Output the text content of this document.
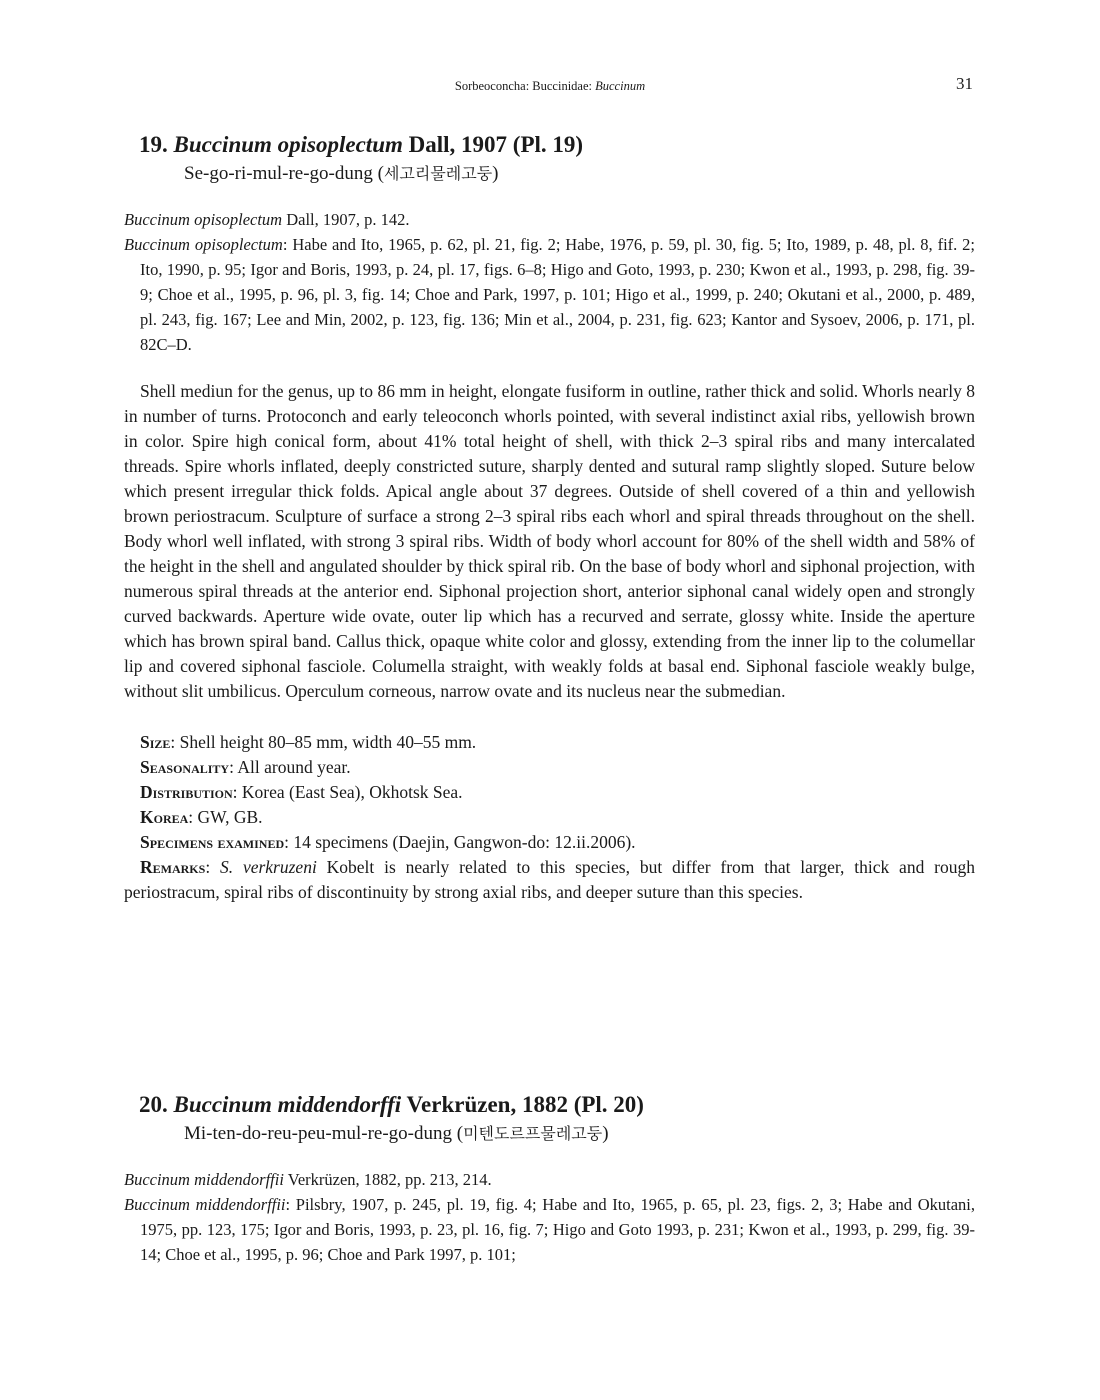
Sorbeoconcha: Buccinidae: Buccinum	31
19. Buccinum opisoplectum Dall, 1907 (Pl. 19)
Se-go-ri-mul-re-go-dung (세고리물레고둥)
Buccinum opisoplectum Dall, 1907, p. 142.
Buccinum opisoplectum: Habe and Ito, 1965, p. 62, pl. 21, fig. 2; Habe, 1976, p. 59, pl. 30, fig. 5; Ito, 1989, p. 48, pl. 8, fif. 2; Ito, 1990, p. 95; Igor and Boris, 1993, p. 24, pl. 17, figs. 6–8; Higo and Goto, 1993, p. 230; Kwon et al., 1993, p. 298, fig. 39-9; Choe et al., 1995, p. 96, pl. 3, fig. 14; Choe and Park, 1997, p. 101; Higo et al., 1999, p. 240; Okutani et al., 2000, p. 489, pl. 243, fig. 167; Lee and Min, 2002, p. 123, fig. 136; Min et al., 2004, p. 231, fig. 623; Kantor and Sysoev, 2006, p. 171, pl. 82C–D.

Shell mediun for the genus, up to 86 mm in height, elongate fusiform in outline, rather thick and solid. Whorls nearly 8 in number of turns. Protoconch and early teleoconch whorls pointed, with several indistinct axial ribs, yellowish brown in color. Spire high conical form, about 41% total height of shell, with thick 2–3 spiral ribs and many intercalated threads. Spire whorls inflated, deeply constricted suture, sharply dented and sutural ramp slightly sloped. Suture below which present irregular thick folds. Apical angle about 37 degrees. Outside of shell covered of a thin and yellowish brown periostracum. Sculpture of surface a strong 2–3 spiral ribs each whorl and spiral threads throughout on the shell. Body whorl well inflated, with strong 3 spiral ribs. Width of body whorl account for 80% of the shell width and 58% of the height in the shell and angulated shoulder by thick spiral rib. On the base of body whorl and siphonal projection, with numerous spiral threads at the anterior end. Siphonal projection short, anterior siphonal canal widely open and strongly curved backwards. Aperture wide ovate, outer lip which has a recurved and serrate, glossy white. Inside the aperture which has brown spiral band. Callus thick, opaque white color and glossy, extending from the inner lip to the columellar lip and covered siphonal fasciole. Columella straight, with weakly folds at basal end. Siphonal fasciole weakly bulge, without slit umbilicus. Operculum corneous, narrow ovate and its nucleus near the submedian.

Size: Shell height 80–85 mm, width 40–55 mm.
Seasonality: All around year.
Distribution: Korea (East Sea), Okhotsk Sea.
Korea: GW, GB.
Specimens examined: 14 specimens (Daejin, Gangwon-do: 12.ii.2006).
Remarks: S. verkruzeni Kobelt is nearly related to this species, but differ from that larger, thick and rough periostracum, spiral ribs of discontinuity by strong axial ribs, and deeper suture than this species.
20. Buccinum middendorffi Verkrüzen, 1882 (Pl. 20)
Mi-ten-do-reu-peu-mul-re-go-dung (미텐도르프물레고둥)
Buccinum middendorffii Verkrüzen, 1882, pp. 213, 214.
Buccinum middendorffii: Pilsbry, 1907, p. 245, pl. 19, fig. 4; Habe and Ito, 1965, p. 65, pl. 23, figs. 2, 3; Habe and Okutani, 1975, pp. 123, 175; Igor and Boris, 1993, p. 23, pl. 16, fig. 7; Higo and Goto 1993, p. 231; Kwon et al., 1993, p. 299, fig. 39-14; Choe et al., 1995, p. 96; Choe and Park 1997, p. 101;
